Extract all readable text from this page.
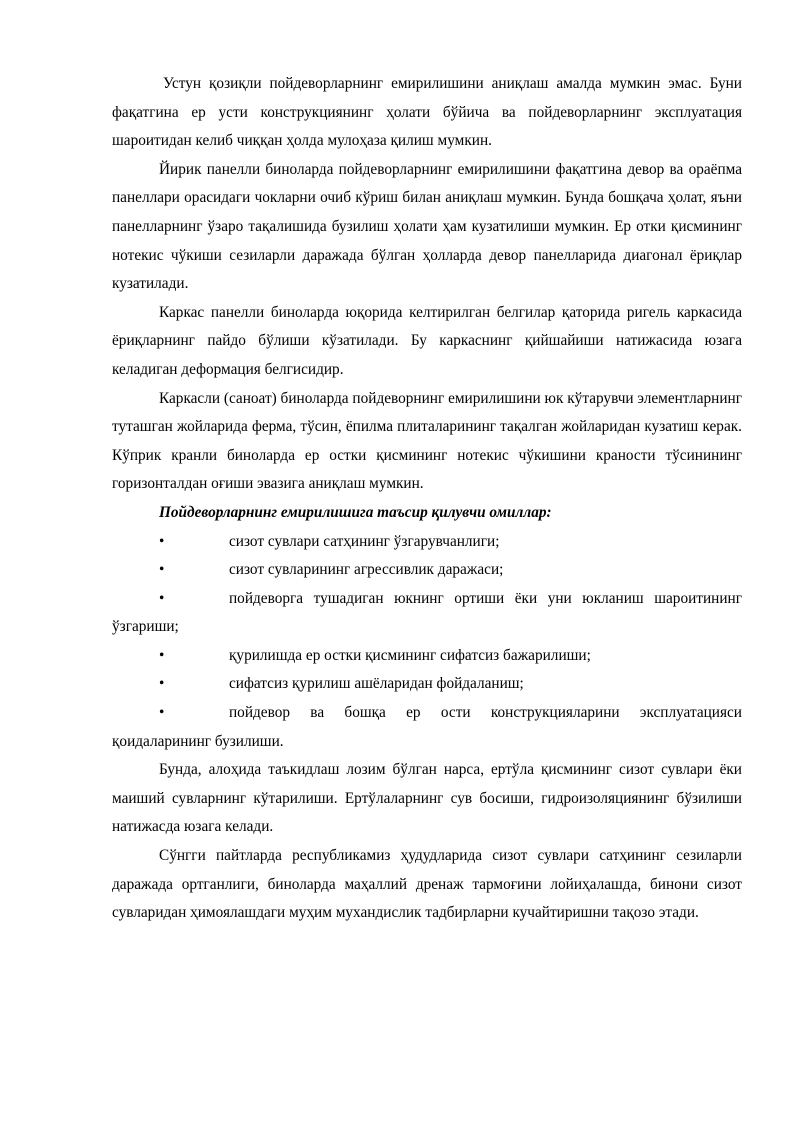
Устун қозиқли пойдеворларнинг емирилишини аниқлаш амалда мумкин эмас. Буни фақатгина ер усти конструкциянинг ҳолати бўйича ва пойдеворларнинг эксплуатация шароитидан келиб чиққан ҳолда мулоҳаза қилиш мумкин.

Йирик панелли биноларда пойдеворларнинг емирилишини фақатгина девор ва ораёпма панеллари орасидаги чокларни очиб кўриш билан аниқлаш мумкин. Бунда бошқача ҳолат, яъни панелларнинг ўзаро тақалишида бузилиш ҳолати ҳам кузатилиши мумкин. Ер отки қисмининг нотекис чўкиши сезиларли даражада бўлган ҳолларда девор панелларида диагонал ёриқлар кузатилади.

Каркас панелли биноларда юқорида келтирилган белгилар қаторида ригель каркасида ёриқларнинг пайдо бўлиши кўзатилади. Бу каркаснинг қийшайиши натижасида юзага келадиган деформация белгисидир.

Каркасли (саноат) биноларда пойдеворнинг емирилишини юк кўтарувчи элементларнинг туташган жойларида ферма, тўсин, ёпилма плиталарининг тақалган жойларидан кузатиш керак. Кўприк кранли биноларда ер остки қисмининг нотекис чўкишини краности тўсинининг горизонталдан оғиши эвазига аниқлаш мумкин.

Пойдеворларнинг емирилишига таъсир қилувчи омиллар:

•	сизот сувлари сатҳининг ўзгарувчанлиги;

•	сизот сувларининг агрессивлик даражаси;

•	пойдеворга тушадиган юкнинг ортиши ёки уни юкланиш шароитининг ўзгариши;

•	қурилишда ер остки қисмининг сифатсиз бажарилиши;

•	сифатсиз қурилиш ашёларидан фойдаланиш;

•	пойдевор ва бошқа ер ости конструкцияларини эксплуатацияси қоидаларининг бузилиши.

Бунда, алоҳида таъкидлаш лозим бўлган нарса, ертўла қисмининг сизот сувлари ёки маиший сувларнинг кўтарилиши. Ертўлаларнинг сув босиши, гидроизоляциянинг бўзилиши натижасда юзага келади.

Сўнгги пайтларда республикамиз ҳудудларида сизот сувлари сатҳининг сезиларли даражада ортганлиги, биноларда маҳаллий дренаж тармоғини лойиҳалашда, бинони сизот сувларидан ҳимоялашдаги муҳим мухандислик тадбирларни кучайтиришни тақозо этади.
